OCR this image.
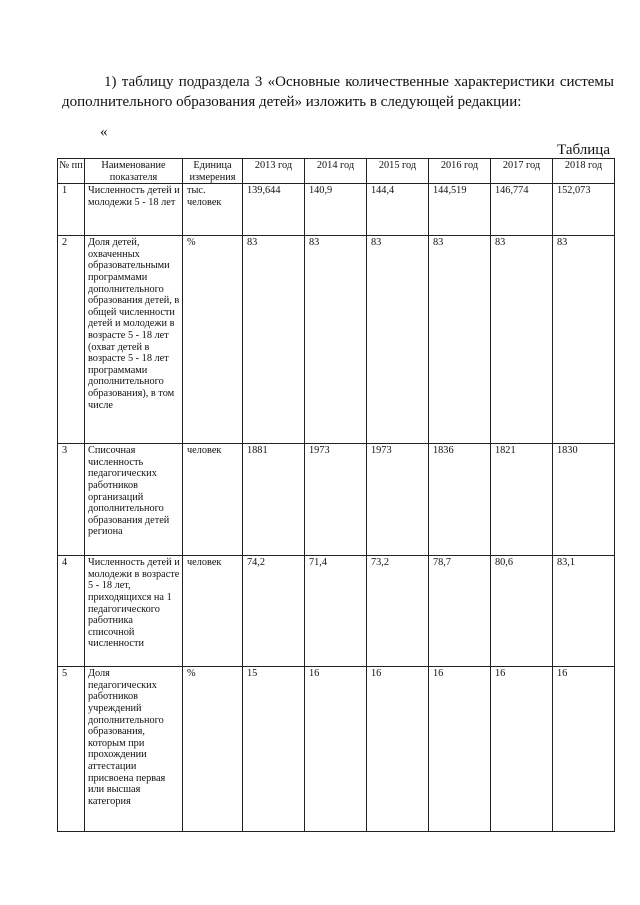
1) таблицу подраздела 3 «Основные количественные характеристики системы
дополнительного образования детей» изложить в следующей редакции:
«
Таблица
№ пп	Наименование показателя	Единица измерения	2013 год	2014 год	2015 год	2016 год	2017 год	2018 год
1	Численность детей и молодежи 5 - 18 лет	тыс. человек	139,644	140,9	144,4	144,519	146,774	152,073
2	Доля детей, охваченных образовательными программами дополнительного образования детей, в общей численности детей и молодежи в возрасте 5 - 18 лет (охват детей в возрасте 5 - 18 лет программами дополнительного образования), в том числе	%	83	83	83	83	83	83
3	Списочная численность педагогических работников организаций дополнительного образования детей региона	человек	1881	1973	1973	1836	1821	1830
4	Численность детей и молодежи в возрасте 5 - 18 лет, приходящихся на 1 педагогического работника списочной численности	человек	74,2	71,4	73,2	78,7	80,6	83,1
5	Доля педагогических работников учреждений дополнительного образования, которым при прохождении аттестации присвоена первая или высшая категория	%	15	16	16	16	16	16
